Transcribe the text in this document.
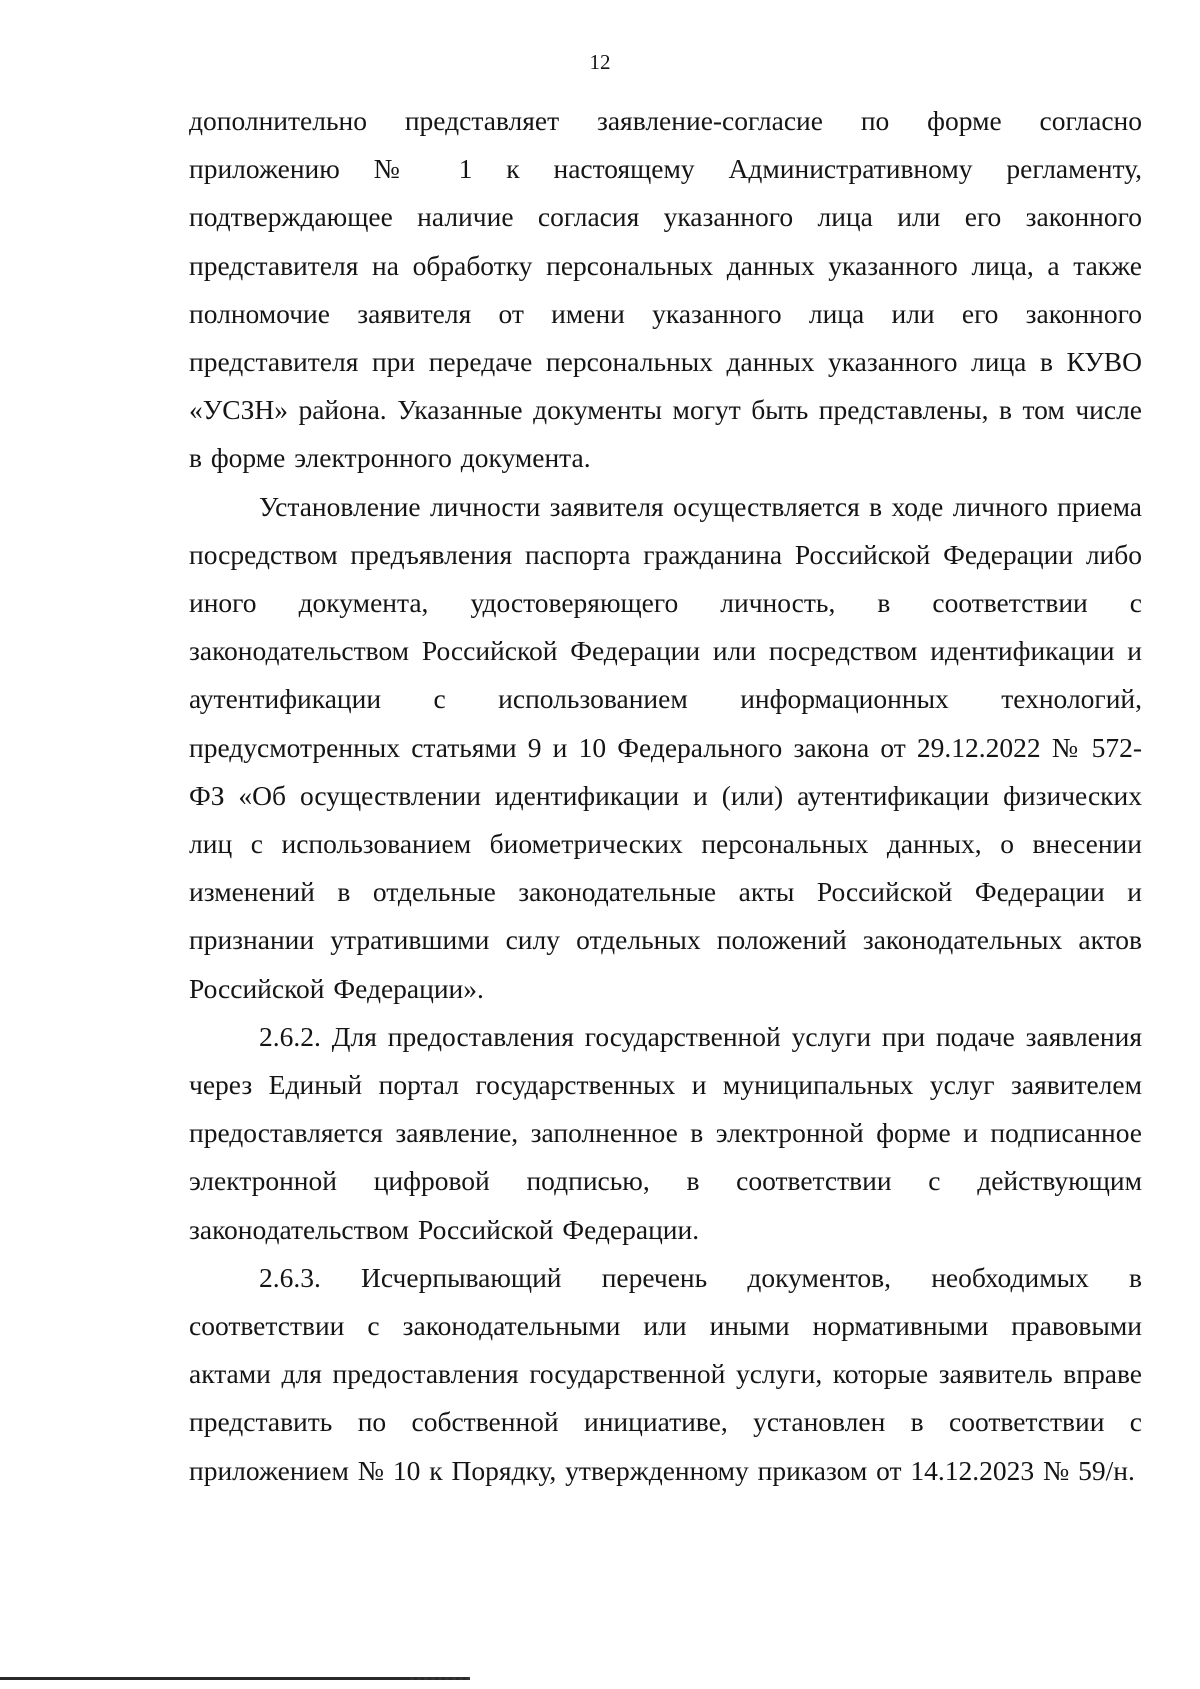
12

дополнительно представляет заявление-согласие по форме согласно приложению № 1 к настоящему Административному регламенту, подтверждающее наличие согласия указанного лица или его законного представителя на обработку персональных данных указанного лица, а также полномочие заявителя от имени указанного лица или его законного представителя при передаче персональных данных указанного лица в КУВО «УСЗН» района. Указанные документы могут быть представлены, в том числе в форме электронного документа.

Установление личности заявителя осуществляется в ходе личного приема посредством предъявления паспорта гражданина Российской Федерации либо иного документа, удостоверяющего личность, в соответствии с законодательством Российской Федерации или посредством идентификации и аутентификации с использованием информационных технологий, предусмотренных статьями 9 и 10 Федерального закона от 29.12.2022 № 572-ФЗ «Об осуществлении идентификации и (или) аутентификации физических лиц с использованием биометрических персональных данных, о внесении изменений в отдельные законодательные акты Российской Федерации и признании утратившими силу отдельных положений законодательных актов Российской Федерации».

2.6.2. Для предоставления государственной услуги при подаче заявления через Единый портал государственных и муниципальных услуг заявителем предоставляется заявление, заполненное в электронной форме и подписанное электронной цифровой подписью, в соответствии с действующим законодательством Российской Федерации.

2.6.3. Исчерпывающий перечень документов, необходимых в соответствии с законодательными или иными нормативными правовыми актами для предоставления государственной услуги, которые заявитель вправе представить по собственной инициативе, установлен в соответствии с приложением № 10 к Порядку, утвержденному приказом от 14.12.2023 № 59/н.
